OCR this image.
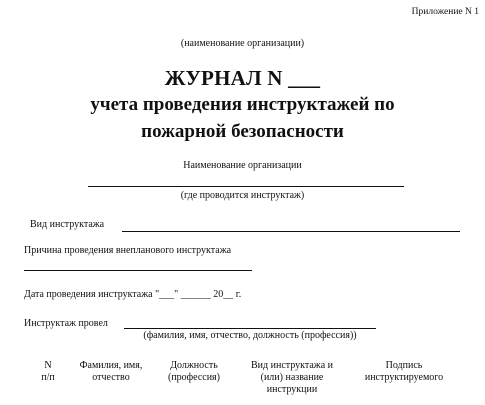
Приложение N 1
(наименование организации)
ЖУРНАЛ N ___
учета проведения инструктажей по
пожарной безопасности
Наименование организации
(где проводится инструктаж)
Вид инструктажа
Причина проведения внепланового инструктажа
Дата проведения инструктажа "___" ______ 20__ г.
Инструктаж провел
(фамилия, имя, отчество, должность (профессия))
N
п/п
Фамилия, имя,
отчество
Должность
(профессия)
Вид инструктажа и
(или) название
инструкции
Подпись
инструктируемого
